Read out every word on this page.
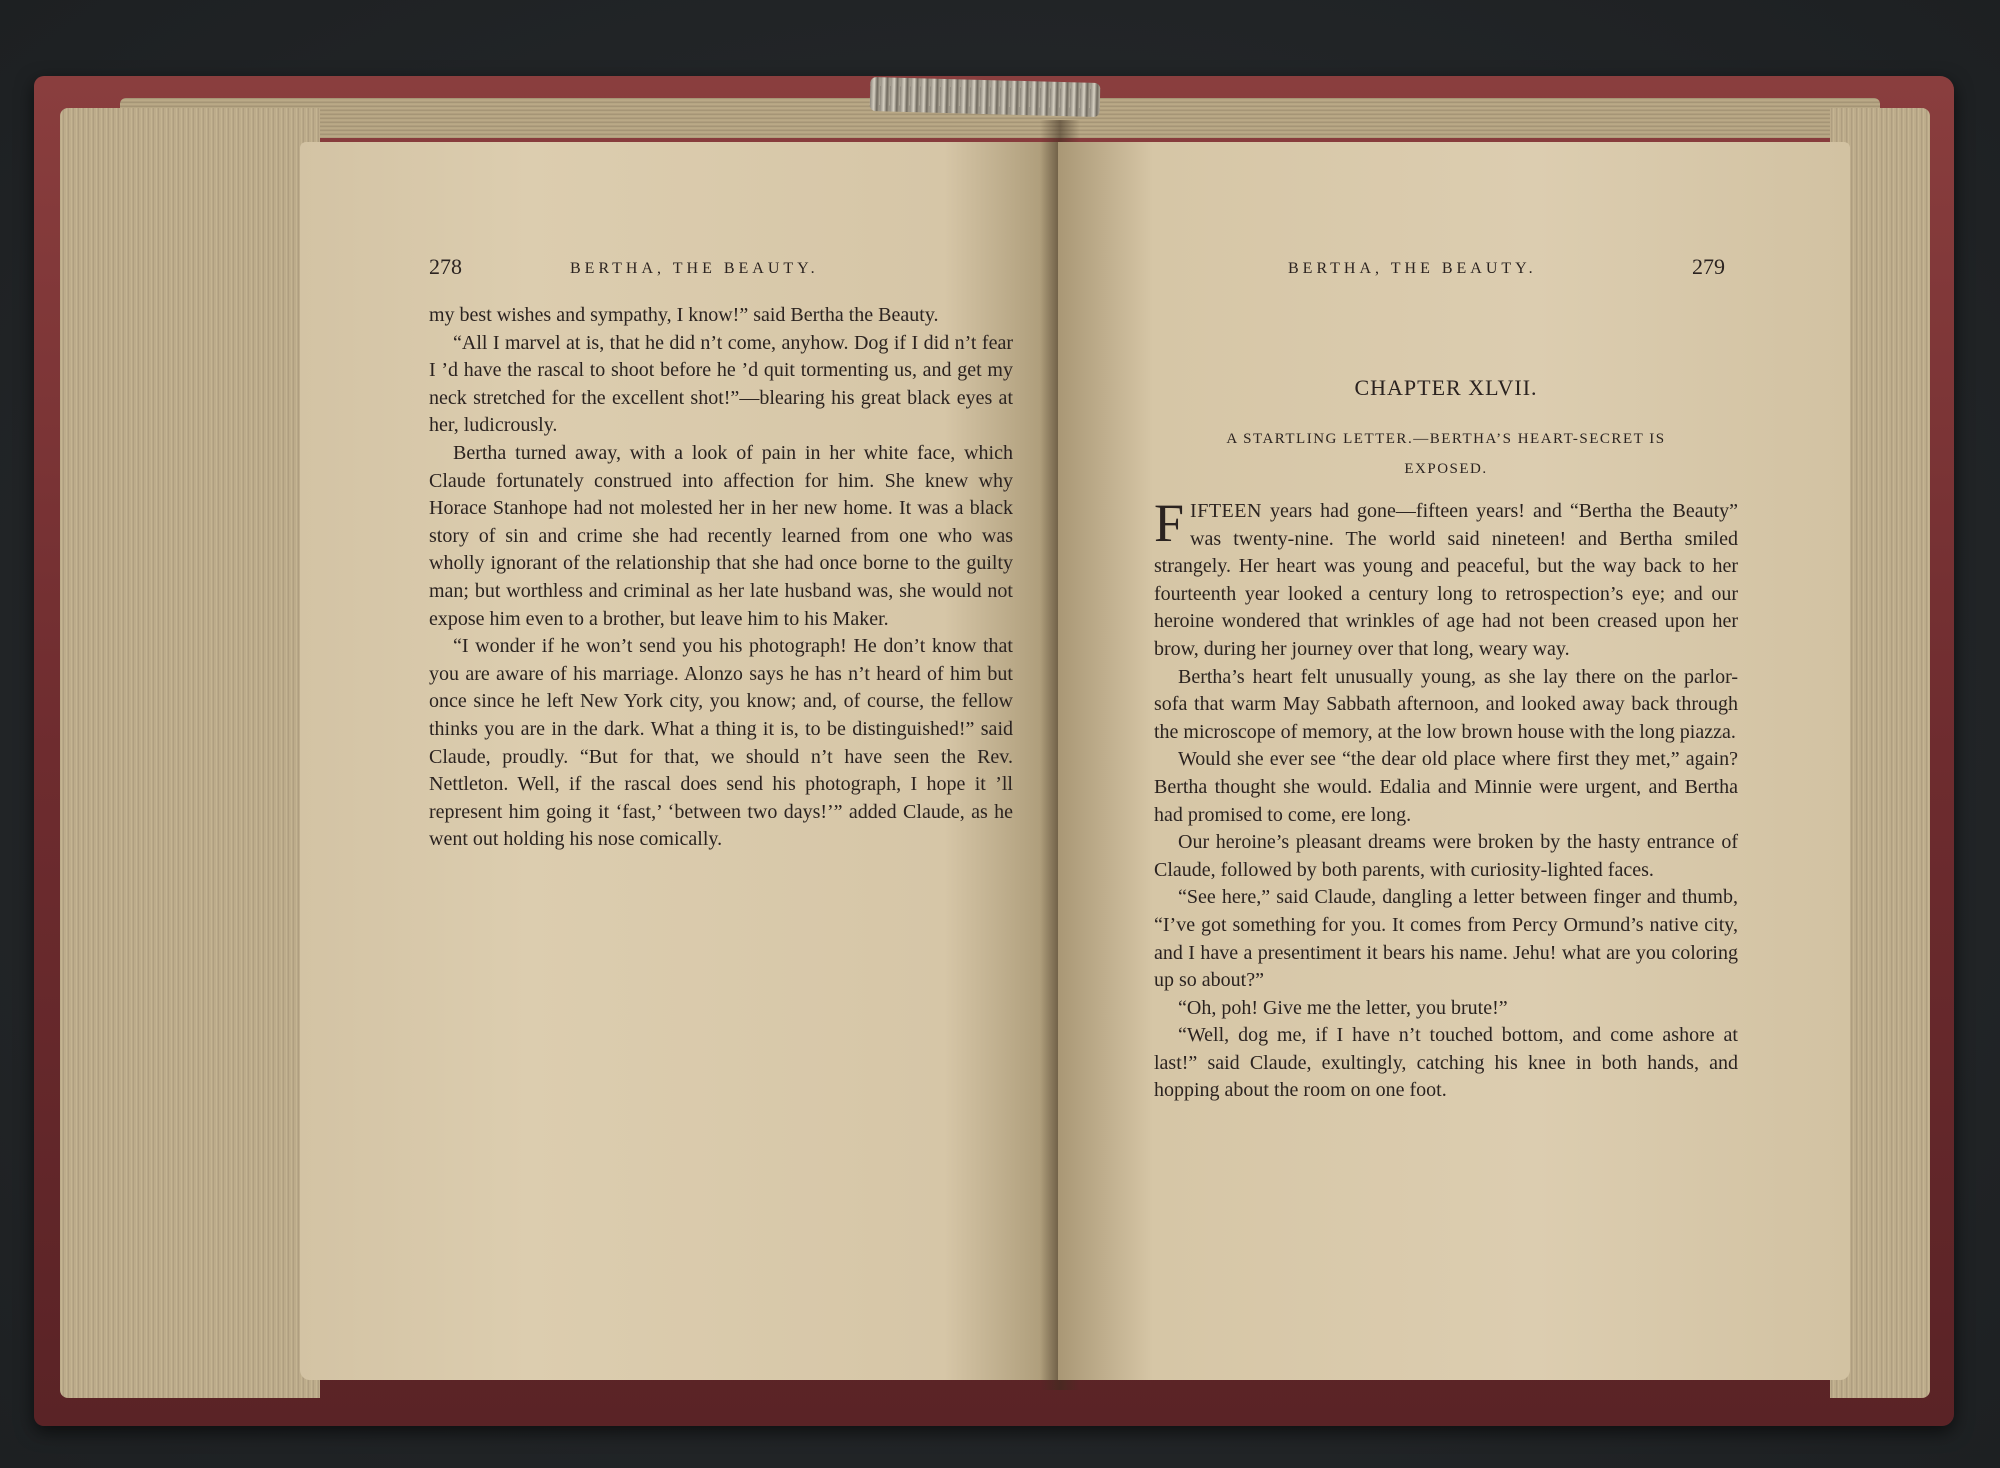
278	BERTHA, THE BEAUTY.

my best wishes and sympathy, I know!” said Bertha the Beauty.

“All I marvel at is, that he did n’t come, anyhow. Dog if I did n’t fear I ’d have the rascal to shoot before he ’d quit tormenting us, and get my neck stretched for the excellent shot!”—blearing his great black eyes at her, ludicrously.

Bertha turned away, with a look of pain in her white face, which Claude fortunately construed into affection for him. She knew why Horace Stanhope had not molested her in her new home. It was a black story of sin and crime she had recently learned from one who was wholly ignorant of the relationship that she had once borne to the guilty man; but worthless and criminal as her late husband was, she would not expose him even to a brother, but leave him to his Maker.

“I wonder if he won’t send you his photograph! He don’t know that you are aware of his marriage. Alonzo says he has n’t heard of him but once since he left New York city, you know; and, of course, the fellow thinks you are in the dark. What a thing it is, to be distinguished!” said Claude, proudly. “But for that, we should n’t have seen the Rev. Nettleton. Well, if the rascal does send his photograph, I hope it ’ll represent him going it ‘fast,’ ‘between two days!’” added Claude, as he went out holding his nose comically.

BERTHA, THE BEAUTY.	279
CHAPTER XLVII.
A STARTLING LETTER.—BERTHA’S HEART-SECRET IS
EXPOSED.

FIFTEEN years had gone—fifteen years! and “Bertha the Beauty” was twenty-nine. The world said nineteen! and Bertha smiled strangely. Her heart was young and peaceful, but the way back to her fourteenth year looked a century long to retrospection’s eye; and our heroine wondered that wrinkles of age had not been creased upon her brow, during her journey over that long, weary way.

Bertha’s heart felt unusually young, as she lay there on the parlor-sofa that warm May Sabbath afternoon, and looked away back through the microscope of memory, at the low brown house with the long piazza.

Would she ever see “the dear old place where first they met,” again? Bertha thought she would. Edalia and Minnie were urgent, and Bertha had promised to come, ere long.

Our heroine’s pleasant dreams were broken by the hasty entrance of Claude, followed by both parents, with curiosity-lighted faces.

“See here,” said Claude, dangling a letter between finger and thumb, “I’ve got something for you. It comes from Percy Ormund’s native city, and I have a presentiment it bears his name. Jehu! what are you coloring up so about?”

“Oh, poh! Give me the letter, you brute!”

“Well, dog me, if I have n’t touched bottom, and come ashore at last!” said Claude, exultingly, catching his knee in both hands, and hopping about the room on one foot.
